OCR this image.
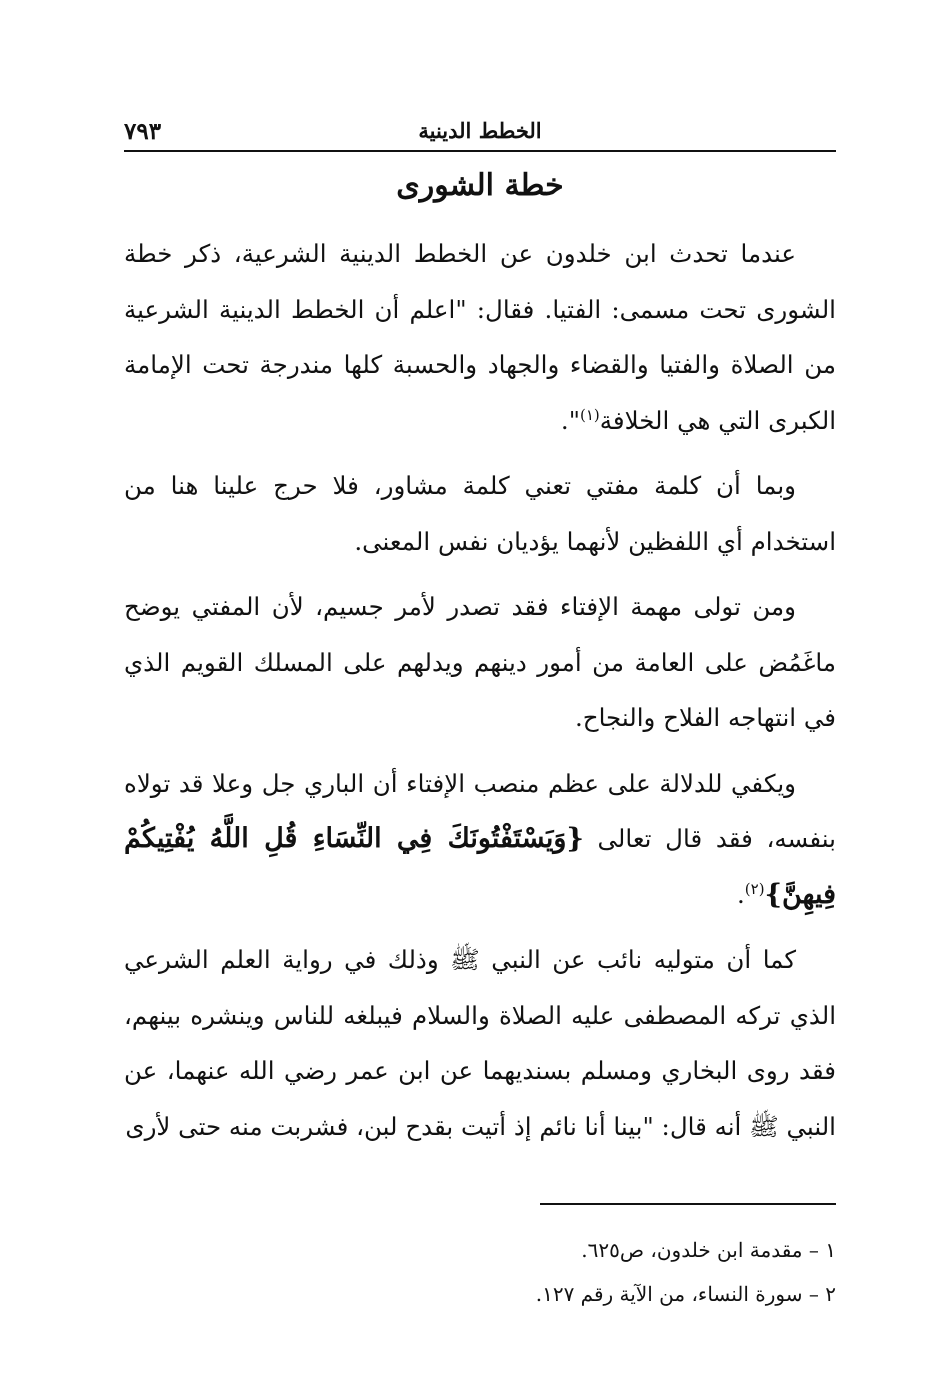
الخطط الدينية
٧٩٣
خطة الشورى

عندما تحدث ابن خلدون عن الخطط الدينية الشرعية، ذكر خطة الشورى تحت مسمى: الفتيا. فقال: "اعلم أن الخطط الدينية الشرعية من الصلاة والفتيا والقضاء والجهاد والحسبة كلها مندرجة تحت الإمامة الكبرى التي هي الخلافة$^{(١)}$".

وبما أن كلمة مفتي تعني كلمة مشاور، فلا حرج علينا هنا من استخدام أي اللفظين لأنهما يؤديان نفس المعنى.

ومن تولى مهمة الإفتاء فقد تصدر لأمر جسيم، لأن المفتي يوضح ماغَمُض على العامة من أمور دينهم ويدلهم على المسلك القويم الذي في انتهاجه الفلاح والنجاح.

ويكفي للدلالة على عظم منصب الإفتاء أن الباري جل وعلا قد تولاه بنفسه، فقد قال تعالى {وَيَسْتَفْتُونَكَ فِي النِّسَاءِ قُلِ اللَّهُ يُفْتِيكُمْ فِيهِنَّ}$^{(٢)}$.

كما أن متوليه نائب عن النبي ﷺ وذلك في رواية العلم الشرعي الذي تركه المصطفى عليه الصلاة والسلام فيبلغه للناس وينشره بينهم، فقد روى البخاري ومسلم بسنديهما عن ابن عمر رضي الله عنهما، عن النبي ﷺ أنه قال: "بينا أنا نائم إذ أتيت بقدح لبن، فشربت منه حتى لأرى

١ – مقدمة ابن خلدون، ص٦٢٥.
٢ – سورة النساء، من الآية رقم ١٢٧.
